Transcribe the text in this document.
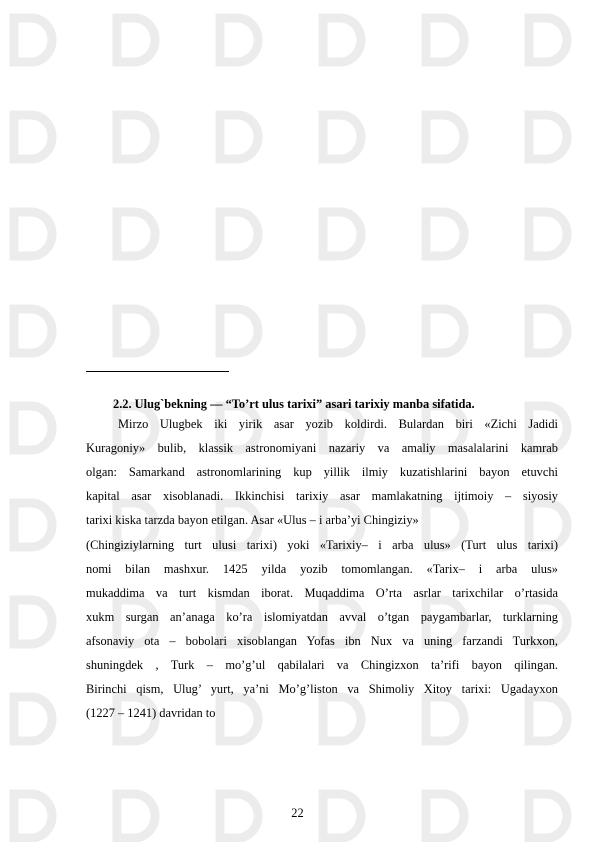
2.2. Ulug`bekning — “To’rt ulus tarixi” asari tarixiy manba sifatida.
Mirzo Ulugbek iki yirik asar yozib koldirdi. Bulardan biri «Zichi Jadidi
Kuragoniy» bulib, klassik astronomiyani nazariy va amaliy masalalarini kamrab
olgan: Samarkand astronomlarining kup yillik ilmiy kuzatishlarini bayon etuvchi
kapital asar xisoblanadi. Ikkinchisi tarixiy asar mamlakatning ijtimoiy – siyosiy
tarixi kiska tarzda bayon etilgan. Asar «Ulus – i arba’yi Chingiziy»
(Chingiziylarning turt ulusi tarixi) yoki «Tarixiy– i arba ulus» (Turt ulus tarixi)
nomi bilan mashxur. 1425 yilda yozib tomomlangan. «Tarix– i arba ulus»
mukaddima va turt kismdan iborat. Muqaddima O’rta asrlar tarixchilar o’rtasida
xukm surgan an’anaga ko’ra islomiyatdan avval o’tgan paygambarlar, turklarning
afsonaviy ota – bobolari xisoblangan Yofas ibn Nux va uning farzandi Turkxon,
shuningdek , Turk – mo’g’ul qabilalari va Chingizxon ta’rifi bayon qilingan.
Birinchi qism, Ulug’ yurt, ya’ni Mo’g’liston va Shimoliy Xitoy tarixi: Ugadayxon
(1227 – 1241) davridan to
22
